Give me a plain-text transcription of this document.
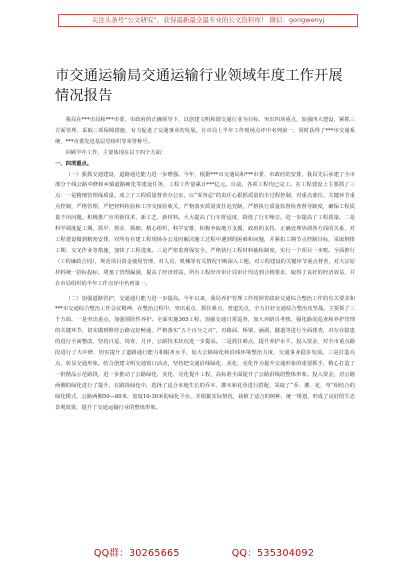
关注头条号“公文研究”，获得最新最全最专业的公文资料库！ 微信：gongwenyj
市交通运输局交通运输行业领域年度工作开展情况报告

我局在***市局和***市委、市政府的正确领导下，以创建文明和谐交通行业为目标，突出四项重点，加强四大建设，紧抓三方面管理，采取三项保障措施，有力促进了交通事业的发展。在市局上半年工作现场点评中名列第一，同时获得了***市交通系统、***市委先进基层党组织等荣誉称号。

回顾半年工作，主要体现在以下四个方面：

一、四项重点。

（一）狠抓交通建设，道路通达能力进一步增强。今年，根据***市交通局和***市委、市政府的安排，我局先后承建了全市部分干线公路中修和乡镇道路硬化等建设任务，工程工作量累计***亿元。目前，各项工程均已完工。在工程建设上主要抓了三点：一是精细管理保质量。成立了工程质量督查办公室，以“零容忍”的责任心狠抓质量的全过程控制，对重点部位、关键环节重点控制，严格管理，严把材料检验和工序交接验收关，严格落实质量责任追究制，严格执行质量监督检查督导制度，确保工程质量不出问题。积极推广应用新技术、新工艺、新材料。大大提高了行车舒适度，降低了行车噪音。进一步提高了工程质量。二是科学调度促工期。抓早、抓实、抓细，精心组织，科学安排，积极争取地方支援，政府的支持，正确处理协调各方面的关系，对工程建设做到精密安排，对所有在建工程现场办公及时解决施工过程中遇到的困难和问题，并紧扣工期节点控制目标，采取倒排工期、交叉作业等措施，加快了工程进度。三是严密监督保安全。严格执行工程材料抽检制度，实行一个项目一本账。全面推行（工程廉政合同），规范项目资金使用管理，对人员、机械等有关情况不断深入工地。对工程建设的关键环节重点督查，对大宗原材料统一招标投标，堵塞了管理漏洞，提高了经济效益。所有工程经市审计局审计均达到合格要求，取得了良好的经济效益，并在市局组织的半年工作点评中名列第一。

（二）加强道路管护，交通通行能力进一步提高。今年以来，我局养护管理工作按照省政府交通综合整治工作的有关要求和***市交通综合整治工作会议精神，在整治过程中，突出重点、抓住难点，普道先点，全力打好交通综合整治攻坚战。主要抓了三个方面，一是突出重点，加强预防性养护。全面实施365工程，加强交通日常巡查，加大养路员考核，强化路况巡查和养护管理的关键环节，切实做到维持公路完好畅通，严格落实“五个百分之百”，对路面、桥梁、涵洞、隧道等进行全面排查，对存在隐患的进行全面整改，坚持日巡、周查、月评，公路技术状况进一步提高。二是抓住难点，提升养护水平。投入资金，对全市重点路段进行了大中修，切实提升了道路通行能力和服务水平，加大公路绿化和沿线环境整治力度，交通事业稳步发展。三是打造亮点，彰显交通形象。结合创建文明交通窗口活动，坚持把交通沿线绿化、美化、亮化作为提升交通形象的重要抓手，精心打造了一批精品示范路段，进一步推动了公路绿化、美化、亮化提升工程，高标准全面提升了公路沿线的整体形象。投入资金，对公路两侧的绿化进行了提升，在路段绿化中，选择了适合本地生长的乔木、灌木和花草进行搭配，采取了“乔、灌、花、草”相结合的绿化模式，公路两侧50—80米，宽度10-30米的绿化平台，并根据实际情况，栽植了适合的树种，统一规划，形成了良好的生态景观效果，提升了交通运输行业的整体形象。

QQ群：30265665	QQ：535304092
